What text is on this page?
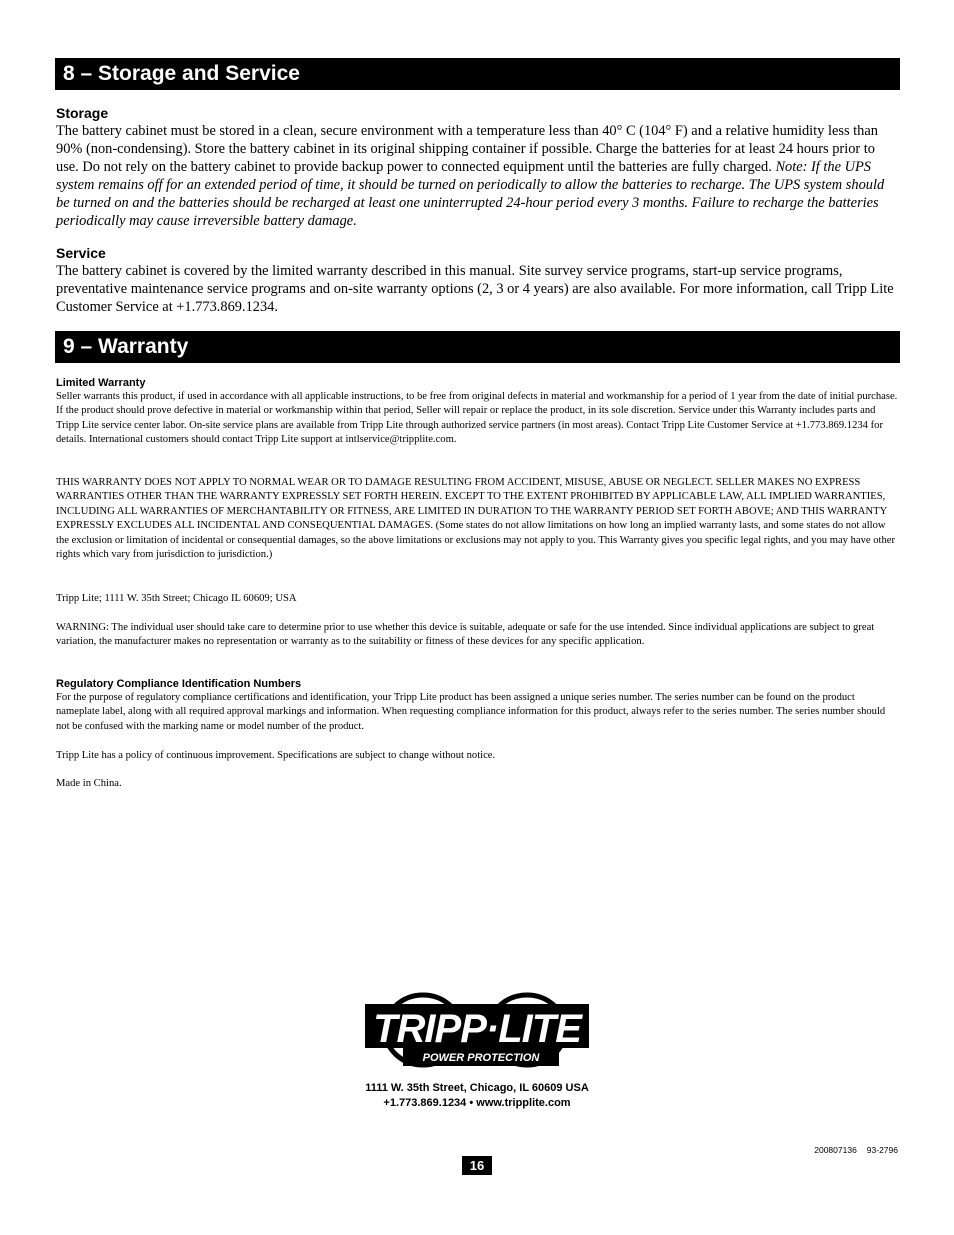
8 – Storage and Service
Storage
The battery cabinet must be stored in a clean, secure environment with a temperature less than 40° C (104° F) and a relative humidity less than 90% (non-condensing). Store the battery cabinet in its original shipping container if possible. Charge the batteries for at least 24 hours prior to use. Do not rely on the battery cabinet to provide backup power to connected equipment until the batteries are fully charged. Note: If the UPS system remains off for an extended period of time, it should be turned on periodically to allow the batteries to recharge. The UPS system should be turned on and the batteries should be recharged at least one uninterrupted 24-hour period every 3 months. Failure to recharge the batteries periodically may cause irreversible battery damage.
Service
The battery cabinet is covered by the limited warranty described in this manual. Site survey service programs, start-up service programs, preventative maintenance service programs and on-site warranty options (2, 3 or 4 years) are also available. For more information, call Tripp Lite Customer Service at +1.773.869.1234.
9 – Warranty
Limited Warranty
Seller warrants this product, if used in accordance with all applicable instructions, to be free from original defects in material and workmanship for a period of 1 year from the date of initial purchase. If the product should prove defective in material or workmanship within that period, Seller will repair or replace the product, in its sole discretion. Service under this Warranty includes parts and Tripp Lite service center labor. On-site service plans are available from Tripp Lite through authorized service partners (in most areas). Contact Tripp Lite Customer Service at +1.773.869.1234 for details. International customers should contact Tripp Lite support at intlservice@tripplite.com.
THIS WARRANTY DOES NOT APPLY TO NORMAL WEAR OR TO DAMAGE RESULTING FROM ACCIDENT, MISUSE, ABUSE OR NEGLECT. SELLER MAKES NO EXPRESS WARRANTIES OTHER THAN THE WARRANTY EXPRESSLY SET FORTH HEREIN. EXCEPT TO THE EXTENT PROHIBITED BY APPLICABLE LAW, ALL IMPLIED WARRANTIES, INCLUDING ALL WARRANTIES OF MERCHANTABILITY OR FITNESS, ARE LIMITED IN DURATION TO THE WARRANTY PERIOD SET FORTH ABOVE; AND THIS WARRANTY EXPRESSLY EXCLUDES ALL INCIDENTAL AND CONSEQUENTIAL DAMAGES. (Some states do not allow limitations on how long an implied warranty lasts, and some states do not allow the exclusion or limitation of incidental or consequential damages, so the above limitations or exclusions may not apply to you. This Warranty gives you specific legal rights, and you may have other rights which vary from jurisdiction to jurisdiction.)
Tripp Lite; 1111 W. 35th Street; Chicago IL 60609; USA
WARNING: The individual user should take care to determine prior to use whether this device is suitable, adequate or safe for the use intended. Since individual applications are subject to great variation, the manufacturer makes no representation or warranty as to the suitability or fitness of these devices for any specific application.
Regulatory Compliance Identification Numbers
For the purpose of regulatory compliance certifications and identification, your Tripp Lite product has been assigned a unique series number. The series number can be found on the product nameplate label, along with all required approval markings and information. When requesting compliance information for this product, always refer to the series number. The series number should not be confused with the marking name or model number of the product.
Tripp Lite has a policy of continuous improvement. Specifications are subject to change without notice.
Made in China.
TRIPP·LITE
POWER PROTECTION
1111 W. 35th Street, Chicago, IL 60609 USA
+1.773.869.1234 • www.tripplite.com
200807136 93-2796
16
